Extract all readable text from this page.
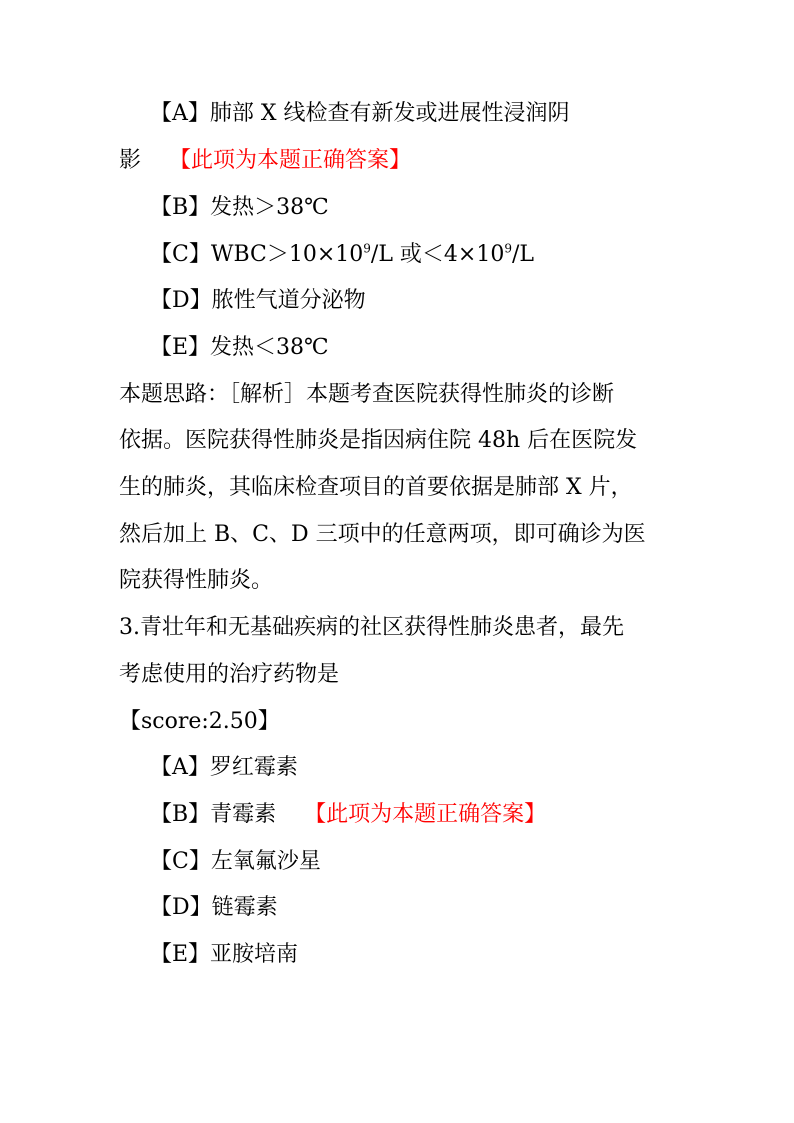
【A】肺部 X 线检查有新发或进展性浸润阴
影 【此项为本题正确答案】
【B】发热＞38℃
【C】$WBC>10\times 10^9/L$ 或$<4\times 10^9/L$
【D】脓性气道分泌物
【E】发热＜38℃
本题思路：［解析］本题考查医院获得性肺炎的诊断
依据。医院获得性肺炎是指因病住院 48h 后在医院发
生的肺炎，其临床检查项目的首要依据是肺部 X 片，
然后加上 B、C、D 三项中的任意两项，即可确诊为医
院获得性肺炎。
3.青壮年和无基础疾病的社区获得性肺炎患者，最先
考虑使用的治疗药物是
【score:2.50】
【A】罗红霉素
【B】青霉素 【此项为本题正确答案】
【C】左氧氟沙星
【D】链霉素
【E】亚胺培南
